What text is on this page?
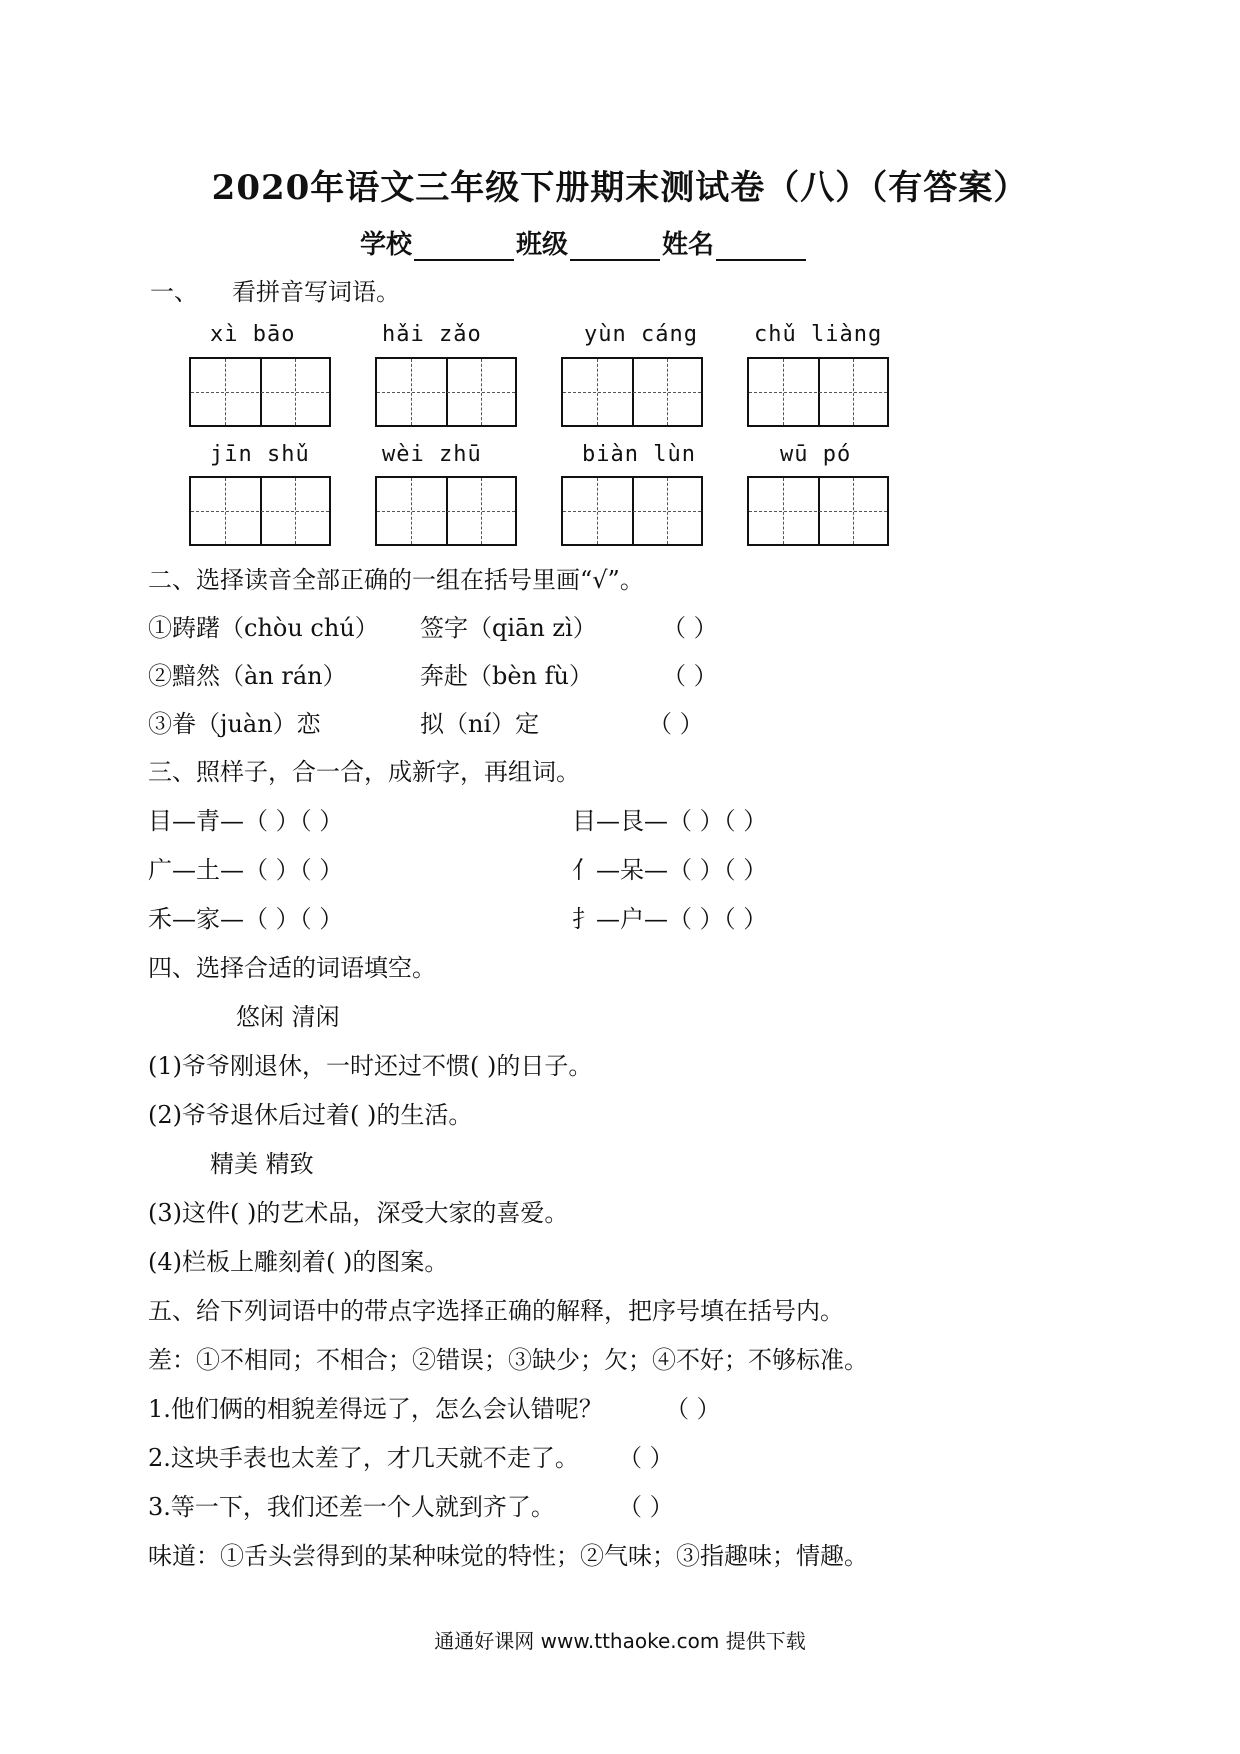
2020年语文三年级下册期末测试卷（八）（有答案）
学校	班级	姓名
一、 看拼音写词语。
xì bāo	hǎi zǎo	yùn cáng	chǔ liàng
jīn shǔ	wèi zhū	biàn lùn	wū pó
二、选择读音全部正确的一组在括号里画“√”。
①踌躇（chòu chú） 签字（qiān zì）	（ ）
②黯然（àn rán）	奔赴（bèn fù）	（ ）
③眷（juàn）恋	拟（ní）定	（ ）
三、照样子，合一合，成新字，再组词。
目—青—（ ）（ ）	目—艮—（ ）（ ）
广—土—（ ）（ ）	亻—呆—（ ）（ ）
禾—家—（ ）（ ）	扌—户—（ ）（ ）
四、选择合适的词语填空。
悠闲 清闲
(1)爷爷刚退休，一时还过不惯( )的日子。
(2)爷爷退休后过着( )的生活。
精美 精致
(3)这件( )的艺术品，深受大家的喜爱。
(4)栏板上雕刻着( )的图案。
五、给下列词语中的带点字选择正确的解释，把序号填在括号内。
差：①不相同；不相合；②错误；③缺少；欠；④不好；不够标准。
1.他们俩的相貌差得远了，怎么会认错呢？	（ ）
2.这块手表也太差了，才几天就不走了。 （ ）
3.等一下，我们还差一个人就到齐了。	（ ）
味道：①舌头尝得到的某种味觉的特性；②气味；③指趣味；情趣。
通通好课网 www.tthaoke.com 提供下载
